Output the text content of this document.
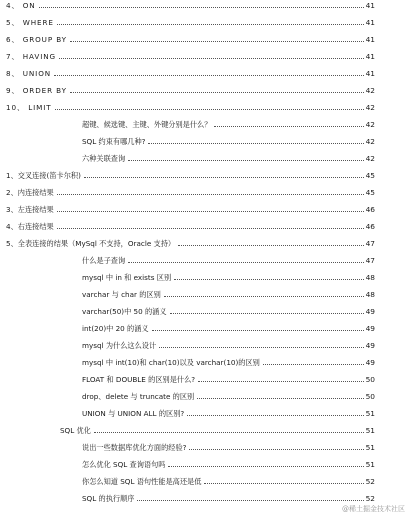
4、 ON	41
5、 WHERE	41
6、 GROUP BY	41
7、 HAVING	41
8、 UNION	41
9、 ORDER BY	42
10、 LIMIT	42
超键、候选键、主键、外键分别是什么？	42
SQL 约束有哪几种?	42
六种关联查询	42
1、交叉连接(笛卡尔积)	45
2、内连接结果	45
3、左连接结果	46
4、右连接结果	46
5、全表连接的结果（MySql 不支持，Oracle 支持）	47
什么是子查询	47
mysql 中 in 和 exists 区别	48
varchar 与 char 的区别	48
varchar(50)中 50 的涵义	49
int(20)中 20 的涵义	49
mysql 为什么这么设计	49
mysql 中 int(10)和 char(10)以及 varchar(10)的区别	49
FLOAT 和 DOUBLE 的区别是什么?	50
drop、delete 与 truncate 的区别	50
UNION 与 UNION ALL 的区别?	51
SQL 优化	51
说出一些数据库优化方面的经验?	51
怎么优化 SQL 查询语句吗	51
你怎么知道 SQL 语句性能是高还是低	52
SQL 的执行顺序	52
@稀土掘金技术社区
